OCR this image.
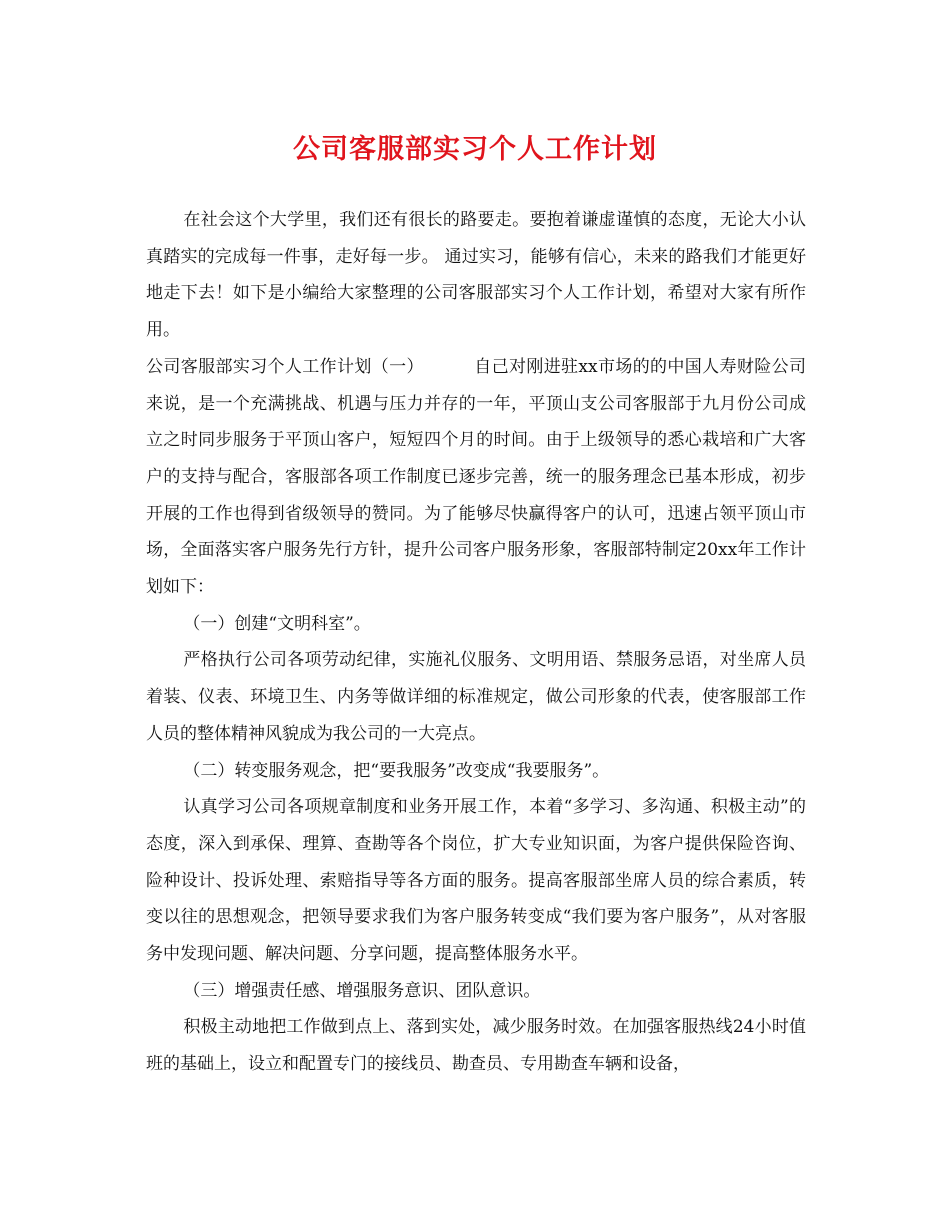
公司客服部实习个人工作计划

在社会这个大学里，我们还有很长的路要走。要抱着谦虚谨慎的态度，无论大小认真踏实的完成每一件事，走好每一步。 通过实习，能够有信心，未来的路我们才能更好地走下去！如下是小编给大家整理的公司客服部实习个人工作计划，希望对大家有所作用。

公司客服部实习个人工作计划（一）	自己对刚进驻xx市场的的中国人寿财险公司来说，是一个充满挑战、机遇与压力并存的一年，平顶山支公司客服部于九月份公司成立之时同步服务于平顶山客户，短短四个月的时间。由于上级领导的悉心栽培和广大客户的支持与配合，客服部各项工作制度已逐步完善，统一的服务理念已基本形成，初步开展的工作也得到省级领导的赞同。为了能够尽快赢得客户的认可，迅速占领平顶山市场，全面落实客户服务先行方针，提升公司客户服务形象，客服部特制定20xx年工作计划如下：

（一）创建“文明科室”。

严格执行公司各项劳动纪律，实施礼仪服务、文明用语、禁服务忌语，对坐席人员着装、仪表、环境卫生、内务等做详细的标准规定，做公司形象的代表，使客服部工作人员的整体精神风貌成为我公司的一大亮点。

（二）转变服务观念，把“要我服务”改变成“我要服务”。

认真学习公司各项规章制度和业务开展工作，本着“多学习、多沟通、积极主动”的态度，深入到承保、理算、查勘等各个岗位，扩大专业知识面，为客户提供保险咨询、险种设计、投诉处理、索赔指导等各方面的服务。提高客服部坐席人员的综合素质，转变以往的思想观念，把领导要求我们为客户服务转变成“我们要为客户服务”，从对客服务中发现问题、解决问题、分享问题，提高整体服务水平。

（三）增强责任感、增强服务意识、团队意识。

积极主动地把工作做到点上、落到实处，减少服务时效。在加强客服热线24小时值班的基础上，设立和配置专门的接线员、勘查员、专用勘查车辆和设备，
